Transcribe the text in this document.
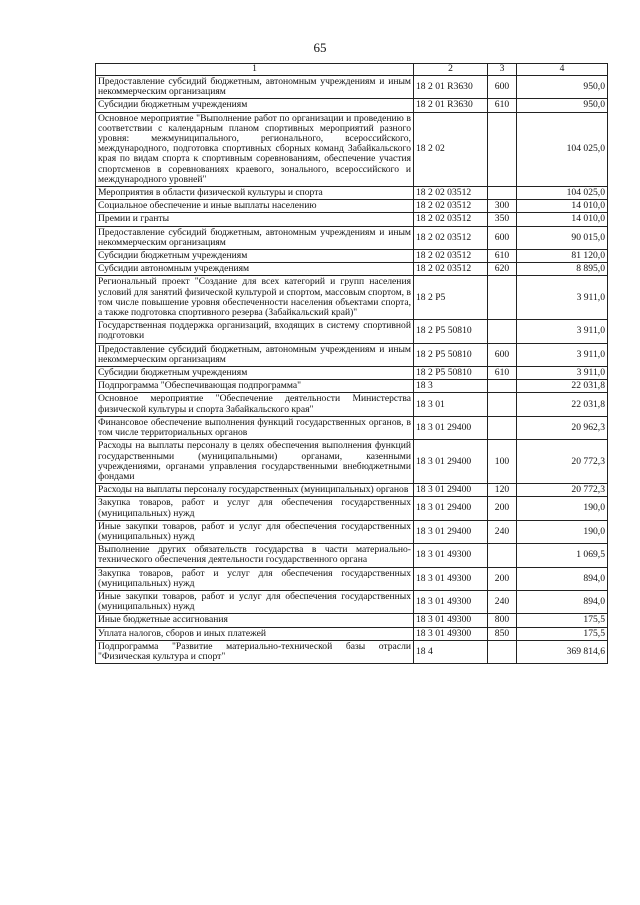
65
1	2	3	4
Предоставление субсидий бюджетным, автономным учреждениям и иным некоммерческим организациям	18 2 01 R3630	600	950,0
Субсидии бюджетным учреждениям	18 2 01 R3630	610	950,0
Основное мероприятие "Выполнение работ по организации и проведению в соответствии с календарным планом спортивных мероприятий разного уровня: межмуниципального, регионального, всероссийского, международного, подготовка спортивных сборных команд Забайкальского края по видам спорта к спортивным соревнованиям, обеспечение участия спортсменов в соревнованиях краевого, зонального, всероссийского и международного уровней"	18 2 02		104 025,0
Мероприятия в области физической культуры и спорта	18 2 02 03512		104 025,0
Социальное обеспечение и иные выплаты населению	18 2 02 03512	300	14 010,0
Премии и гранты	18 2 02 03512	350	14 010,0
Предоставление субсидий бюджетным, автономным учреждениям и иным некоммерческим организациям	18 2 02 03512	600	90 015,0
Субсидии бюджетным учреждениям	18 2 02 03512	610	81 120,0
Субсидии автономным учреждениям	18 2 02 03512	620	8 895,0
Региональный проект "Создание для всех категорий и групп населения условий для занятий физической культурой и спортом, массовым спортом, в том числе повышение уровня обеспеченности населения объектами спорта, а также подготовка спортивного резерва (Забайкальский край)"	18 2 P5		3 911,0
Государственная поддержка организаций, входящих в систему спортивной подготовки	18 2 P5 50810		3 911,0
Предоставление субсидий бюджетным, автономным учреждениям и иным некоммерческим организациям	18 2 P5 50810	600	3 911,0
Субсидии бюджетным учреждениям	18 2 P5 50810	610	3 911,0
Подпрограмма "Обеспечивающая подпрограмма"	18 3		22 031,8
Основное мероприятие "Обеспечение деятельности Министерства физической культуры и спорта Забайкальского края"	18 3 01		22 031,8
Финансовое обеспечение выполнения функций государственных органов, в том числе территориальных органов	18 3 01 29400		20 962,3
Расходы на выплаты персоналу в целях обеспечения выполнения функций государственными (муниципальными) органами, казенными учреждениями, органами управления государственными внебюджетными фондами	18 3 01 29400	100	20 772,3
Расходы на выплаты персоналу государственных (муниципальных) органов	18 3 01 29400	120	20 772,3
Закупка товаров, работ и услуг для обеспечения государственных (муниципальных) нужд	18 3 01 29400	200	190,0
Иные закупки товаров, работ и услуг для обеспечения государственных (муниципальных) нужд	18 3 01 29400	240	190,0
Выполнение других обязательств государства в части материально-технического обеспечения деятельности государственного органа	18 3 01 49300		1 069,5
Закупка товаров, работ и услуг для обеспечения государственных (муниципальных) нужд	18 3 01 49300	200	894,0
Иные закупки товаров, работ и услуг для обеспечения государственных (муниципальных) нужд	18 3 01 49300	240	894,0
Иные бюджетные ассигнования	18 3 01 49300	800	175,5
Уплата налогов, сборов и иных платежей	18 3 01 49300	850	175,5
Подпрограмма "Развитие материально-технической базы отрасли "Физическая культура и спорт"	18 4		369 814,6
